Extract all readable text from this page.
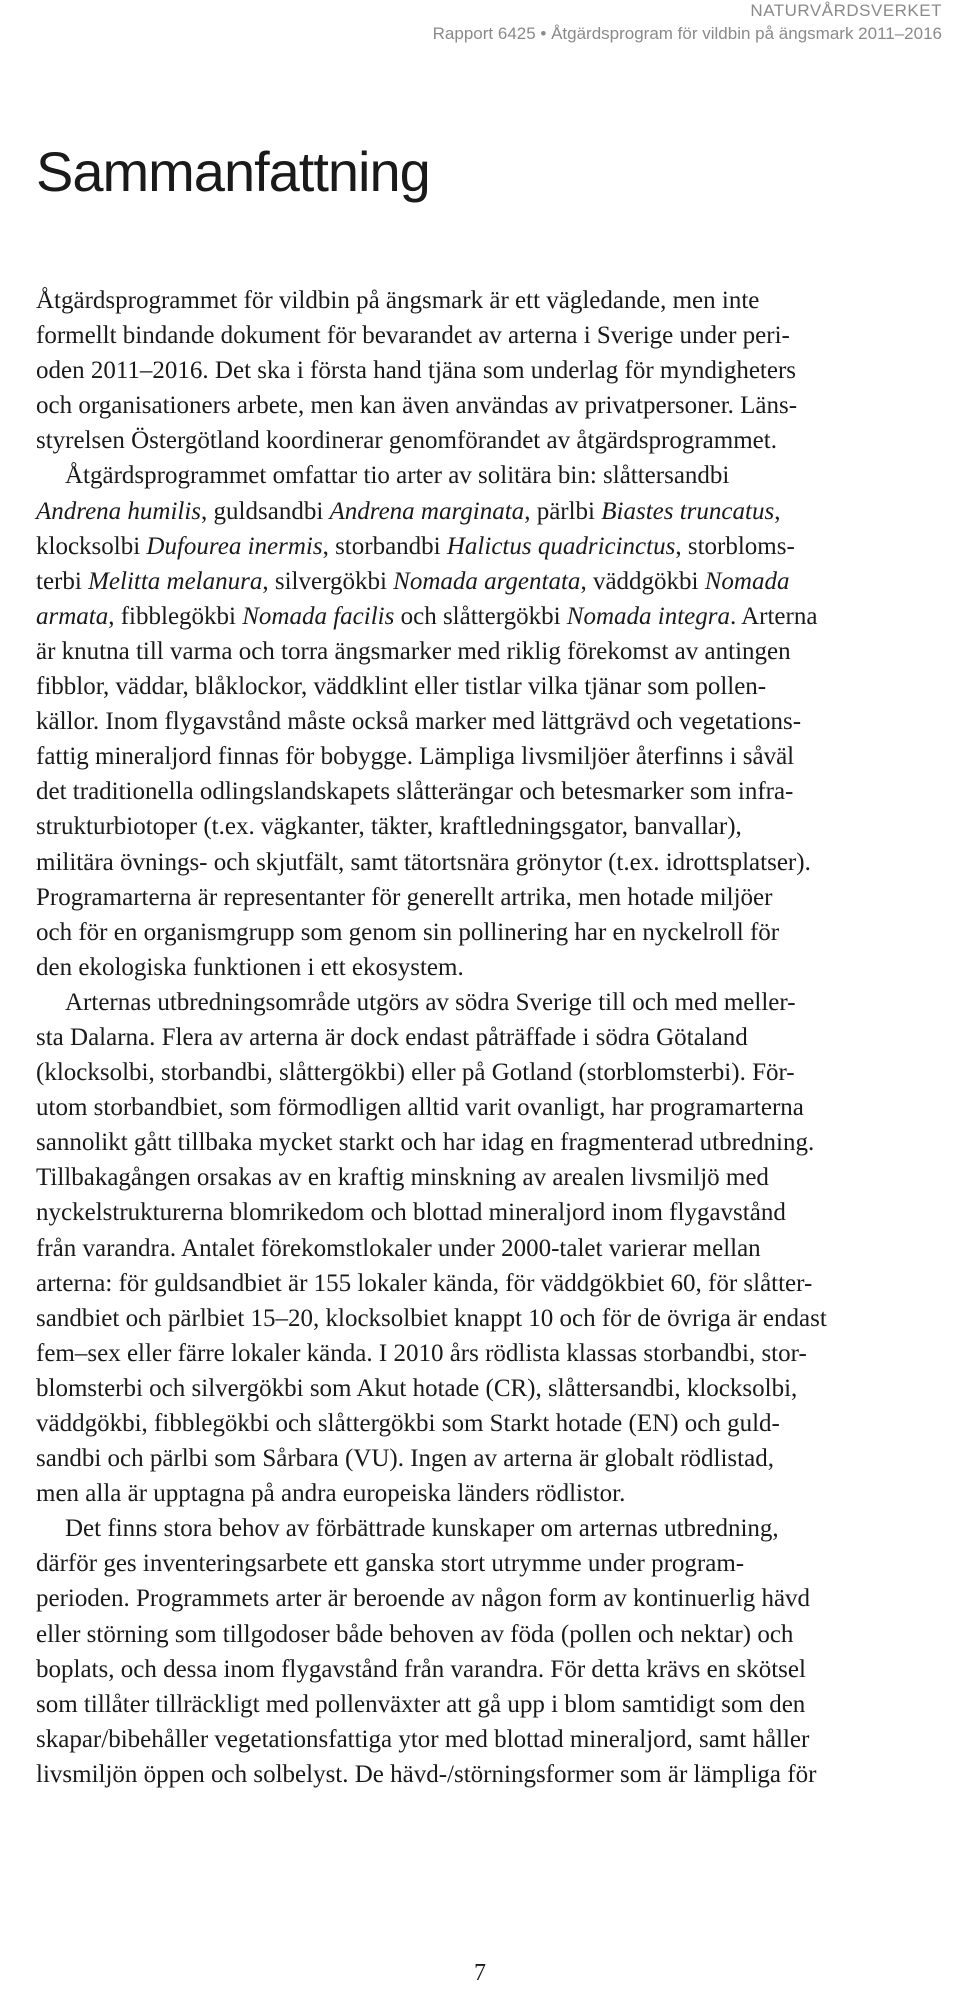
NATURVÅRDSVERKET
Rapport 6425 • Åtgärdsprogram för vildbin på ängsmark 2011–2016
Sammanfattning

Åtgärdsprogrammet för vildbin på ängsmark är ett vägledande, men inte

formellt bindande dokument för bevarandet av arterna i Sverige under peri-

oden 2011–2016. Det ska i första hand tjäna som underlag för myndigheters

och organisationers arbete, men kan även användas av privatpersoner. Läns-

styrelsen Östergötland koordinerar genomförandet av åtgärdsprogrammet.

Åtgärdsprogrammet omfattar tio arter av solitära bin: slåttersandbi

Andrena humilis, guldsandbi Andrena marginata, pärlbi Biastes truncatus,

klocksolbi Dufourea inermis, storbandbi Halictus quadricinctus, storbloms-

terbi Melitta melanura, silvergökbi Nomada argentata, väddgökbi Nomada

armata, fibblegökbi Nomada facilis och slåttergökbi Nomada integra. Arterna

är knutna till varma och torra ängsmarker med riklig förekomst av antingen

fibblor, väddar, blåklockor, väddklint eller tistlar vilka tjänar som pollen-

källor. Inom flygavstånd måste också marker med lättgrävd och vegetations-

fattig mineraljord finnas för bobygge. Lämpliga livsmiljöer återfinns i såväl

det traditionella odlingslandskapets slåtterängar och betesmarker som infra-

strukturbiotoper (t.ex. vägkanter, täkter, kraftledningsgator, banvallar),

militära övnings- och skjutfält, samt tätortsnära grönytor (t.ex. idrottsplatser).

Programarterna är representanter för generellt artrika, men hotade miljöer

och för en organismgrupp som genom sin pollinering har en nyckelroll för

den ekologiska funktionen i ett ekosystem.

Arternas utbredningsområde utgörs av södra Sverige till och med meller-

sta Dalarna. Flera av arterna är dock endast påträffade i södra Götaland

(klocksolbi, storbandbi, slåttergökbi) eller på Gotland (storblomsterbi). För-

utom storbandbiet, som förmodligen alltid varit ovanligt, har programarterna

sannolikt gått tillbaka mycket starkt och har idag en fragmenterad utbredning.

Tillbakagången orsakas av en kraftig minskning av arealen livsmiljö med

nyckelstrukturerna blomrikedom och blottad mineraljord inom flygavstånd

från varandra. Antalet förekomstlokaler under 2000-talet varierar mellan

arterna: för guldsandbiet är 155 lokaler kända, för väddgökbiet 60, för slåtter-

sandbiet och pärlbiet 15–20, klocksolbiet knappt 10 och för de övriga är endast

fem–sex eller färre lokaler kända. I 2010 års rödlista klassas storbandbi, stor-

blomsterbi och silvergökbi som Akut hotade (CR), slåttersandbi, klocksolbi,

väddgökbi, fibblegökbi och slåttergökbi som Starkt hotade (EN) och guld-

sandbi och pärlbi som Sårbara (VU). Ingen av arterna är globalt rödlistad,

men alla är upptagna på andra europeiska länders rödlistor.

Det finns stora behov av förbättrade kunskaper om arternas utbredning,

därför ges inventeringsarbete ett ganska stort utrymme under program-

perioden. Programmets arter är beroende av någon form av kontinuerlig hävd

eller störning som tillgodoser både behoven av föda (pollen och nektar) och

boplats, och dessa inom flygavstånd från varandra. För detta krävs en skötsel

som tillåter tillräckligt med pollenväxter att gå upp i blom samtidigt som den

skapar/bibehåller vegetationsfattiga ytor med blottad mineraljord, samt håller

livsmiljön öppen och solbelyst. De hävd-/störningsformer som är lämpliga för

7
